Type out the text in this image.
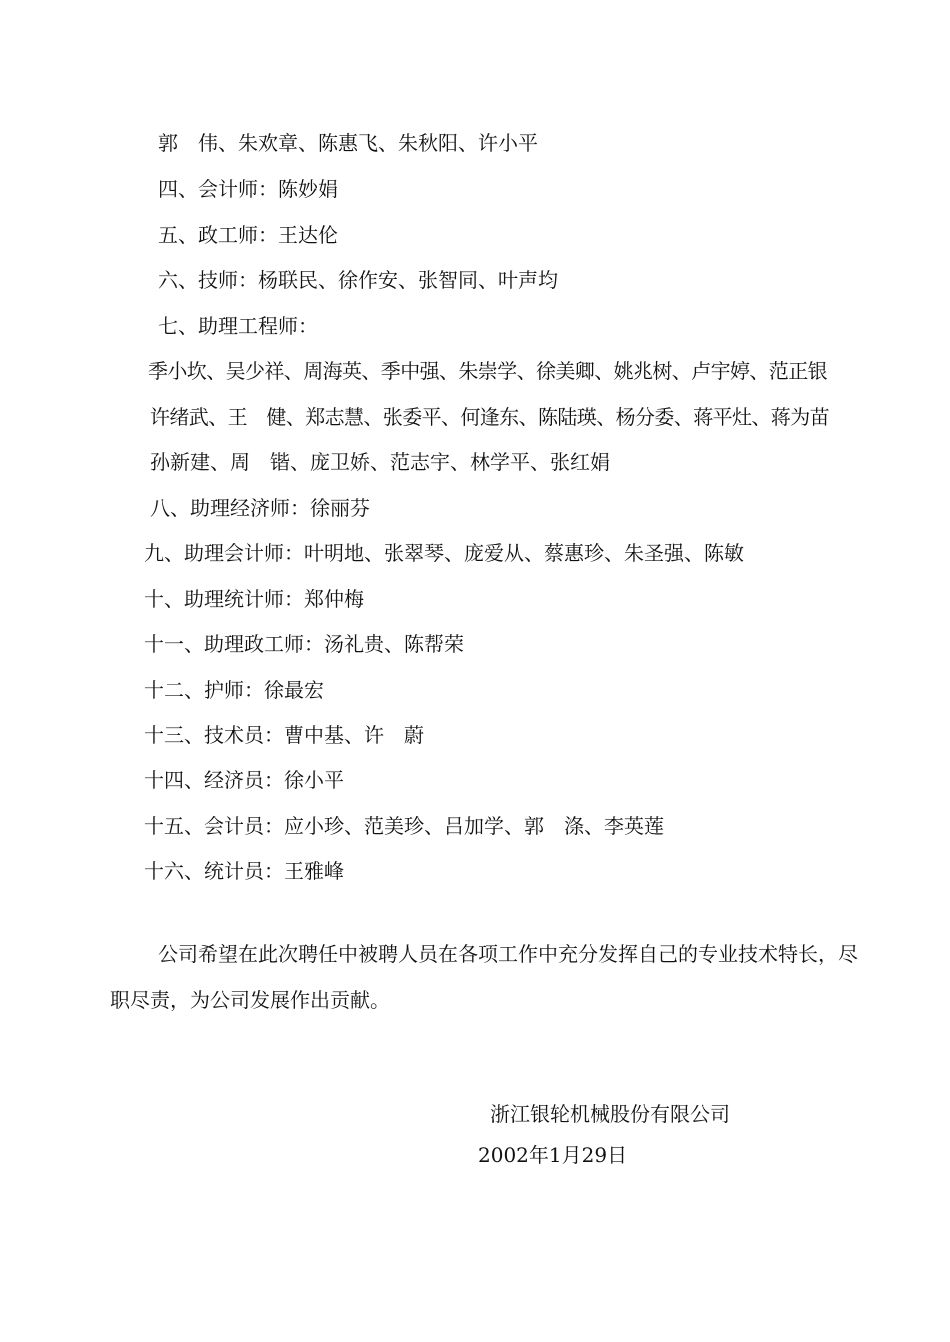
郭　伟、朱欢章、陈惠飞、朱秋阳、许小平

四、会计师：陈妙娟

五、政工师：王达伦

六、技师：杨联民、徐作安、张智同、叶声均

七、助理工程师：

季小坎、吴少祥、周海英、季中强、朱崇学、徐美卿、姚兆树、卢宇婷、范正银

许绪武、王　健、郑志慧、张委平、何逢东、陈陆瑛、杨分委、蒋平灶、蒋为苗

孙新建、周　锴、庞卫娇、范志宇、林学平、张红娟

八、助理经济师：徐丽芬

九、助理会计师：叶明地、张翠琴、庞爱从、蔡惠珍、朱圣强、陈敏

十、助理统计师：郑仲梅

十一、助理政工师：汤礼贵、陈帮荣

十二、护师：徐最宏

十三、技术员：曹中基、许　蔚

十四、经济员：徐小平

十五、会计员：应小珍、范美珍、吕加学、郭　涤、李英莲

十六、统计员：王雅峰

公司希望在此次聘任中被聘人员在各项工作中充分发挥自己的专业技术特长，尽职尽责，为公司发展作出贡献。

浙江银轮机械股份有限公司

2002年1月29日
